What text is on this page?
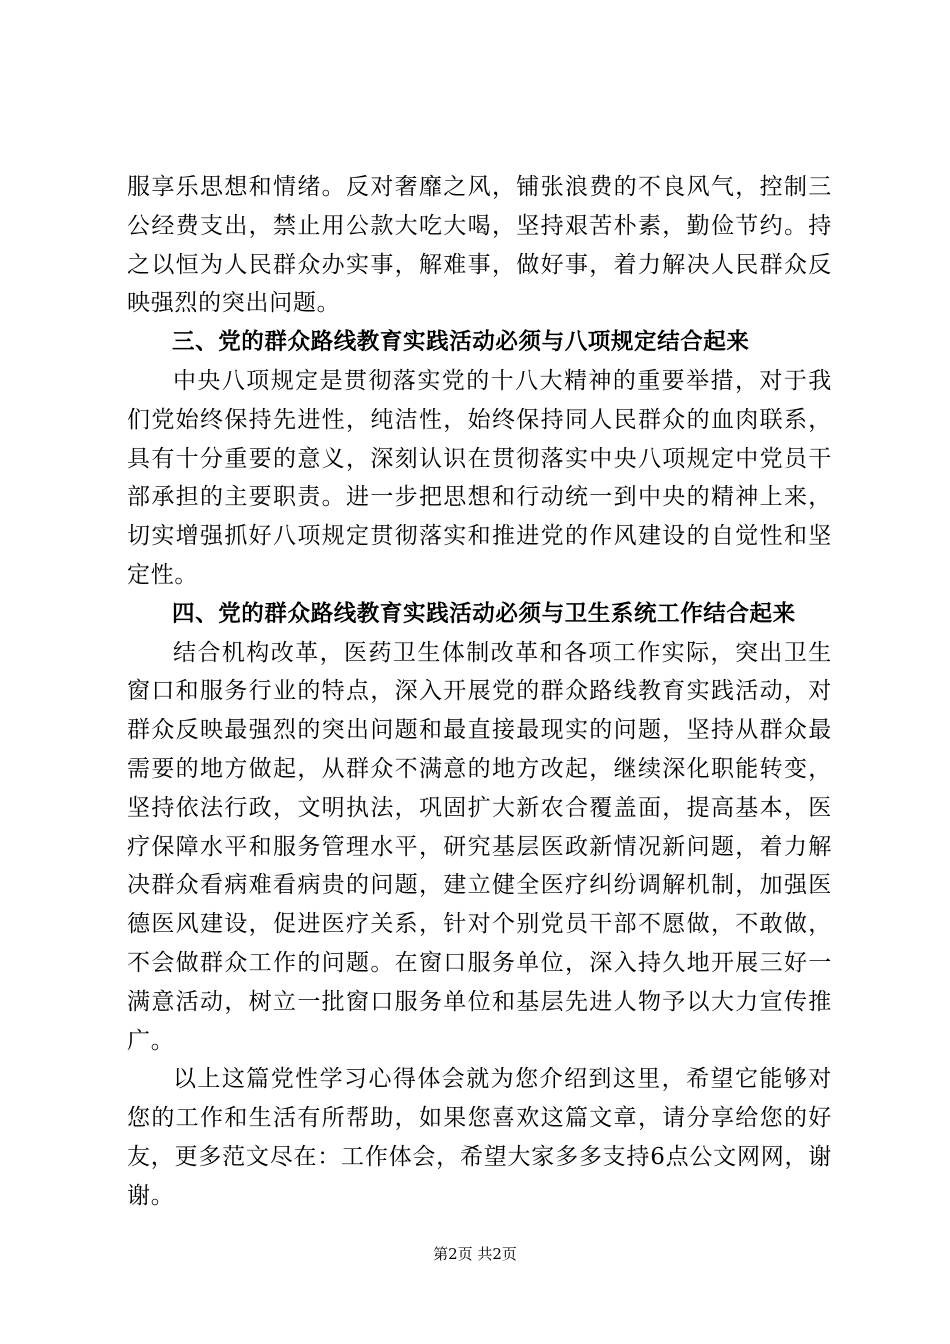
服享乐思想和情绪。反对奢靡之风，铺张浪费的不良风气，控制三公经费支出，禁止用公款大吃大喝，坚持艰苦朴素，勤俭节约。持之以恒为人民群众办实事，解难事，做好事，着力解决人民群众反映强烈的突出问题。

三、党的群众路线教育实践活动必须与八项规定结合起来

中央八项规定是贯彻落实党的十八大精神的重要举措，对于我们党始终保持先进性，纯洁性，始终保持同人民群众的血肉联系，具有十分重要的意义，深刻认识在贯彻落实中央八项规定中党员干部承担的主要职责。进一步把思想和行动统一到中央的精神上来，切实增强抓好八项规定贯彻落实和推进党的作风建设的自觉性和坚定性。

四、党的群众路线教育实践活动必须与卫生系统工作结合起来

结合机构改革，医药卫生体制改革和各项工作实际，突出卫生窗口和服务行业的特点，深入开展党的群众路线教育实践活动，对群众反映最强烈的突出问题和最直接最现实的问题，坚持从群众最需要的地方做起，从群众不满意的地方改起，继续深化职能转变，坚持依法行政，文明执法，巩固扩大新农合覆盖面，提高基本，医疗保障水平和服务管理水平，研究基层医政新情况新问题，着力解决群众看病难看病贵的问题，建立健全医疗纠纷调解机制，加强医德医风建设，促进医疗关系，针对个别党员干部不愿做，不敢做，不会做群众工作的问题。在窗口服务单位，深入持久地开展三好一满意活动，树立一批窗口服务单位和基层先进人物予以大力宣传推广。

以上这篇党性学习心得体会就为您介绍到这里，希望它能够对您的工作和生活有所帮助，如果您喜欢这篇文章，请分享给您的好友，更多范文尽在：工作体会，希望大家多多支持6点公文网网，谢谢。

第2页 共2页
